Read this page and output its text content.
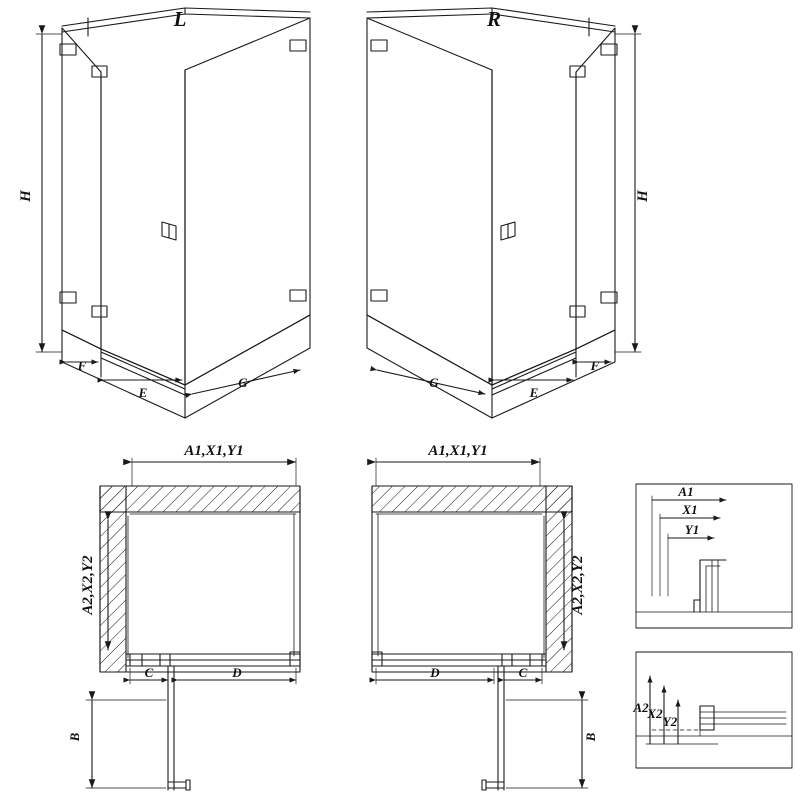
L	R
H	H
F
E
G
F
E
G
A1,X1,Y1	A1,X1,Y1
A2,X2,Y2	A2,X2,Y2
C	D
B
D	C
B
A1
X1
Y1
A2
X2
Y2
